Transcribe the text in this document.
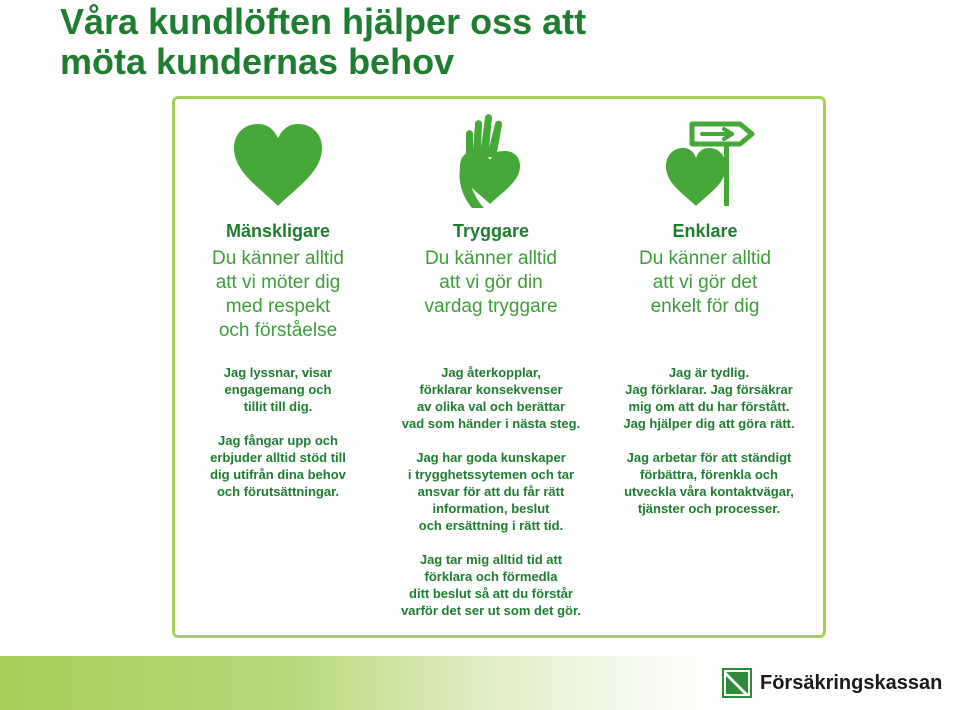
Våra kundlöften hjälper oss att
möta kundernas behov
Mänskligare	Tryggare	Enklare
Du känner alltid
att vi möter dig
med respekt
och förståelse
Du känner alltid
att vi gör din
vardag tryggare
Du känner alltid
att vi gör det
enkelt för dig
Jag lyssnar, visar
engagemang och
tillit till dig.
Jag fångar upp och
erbjuder alltid stöd till
dig utifrån dina behov
och förutsättningar.
Jag återkopplar,
förklarar konsekvenser
av olika val och berättar
vad som händer i nästa steg.
Jag har goda kunskaper
i trygghetssytemen och tar
ansvar för att du får rätt
information, beslut
och ersättning i rätt tid.
Jag tar mig alltid tid att
förklara och förmedla
ditt beslut så att du förstår
varför det ser ut som det gör.
Jag är tydlig.
Jag förklarar. Jag försäkrar
mig om att du har förstått.
Jag hjälper dig att göra rätt.
Jag arbetar för att ständigt
förbättra, förenkla och
utveckla våra kontaktvägar,
tjänster och processer.
Försäkringskassan
